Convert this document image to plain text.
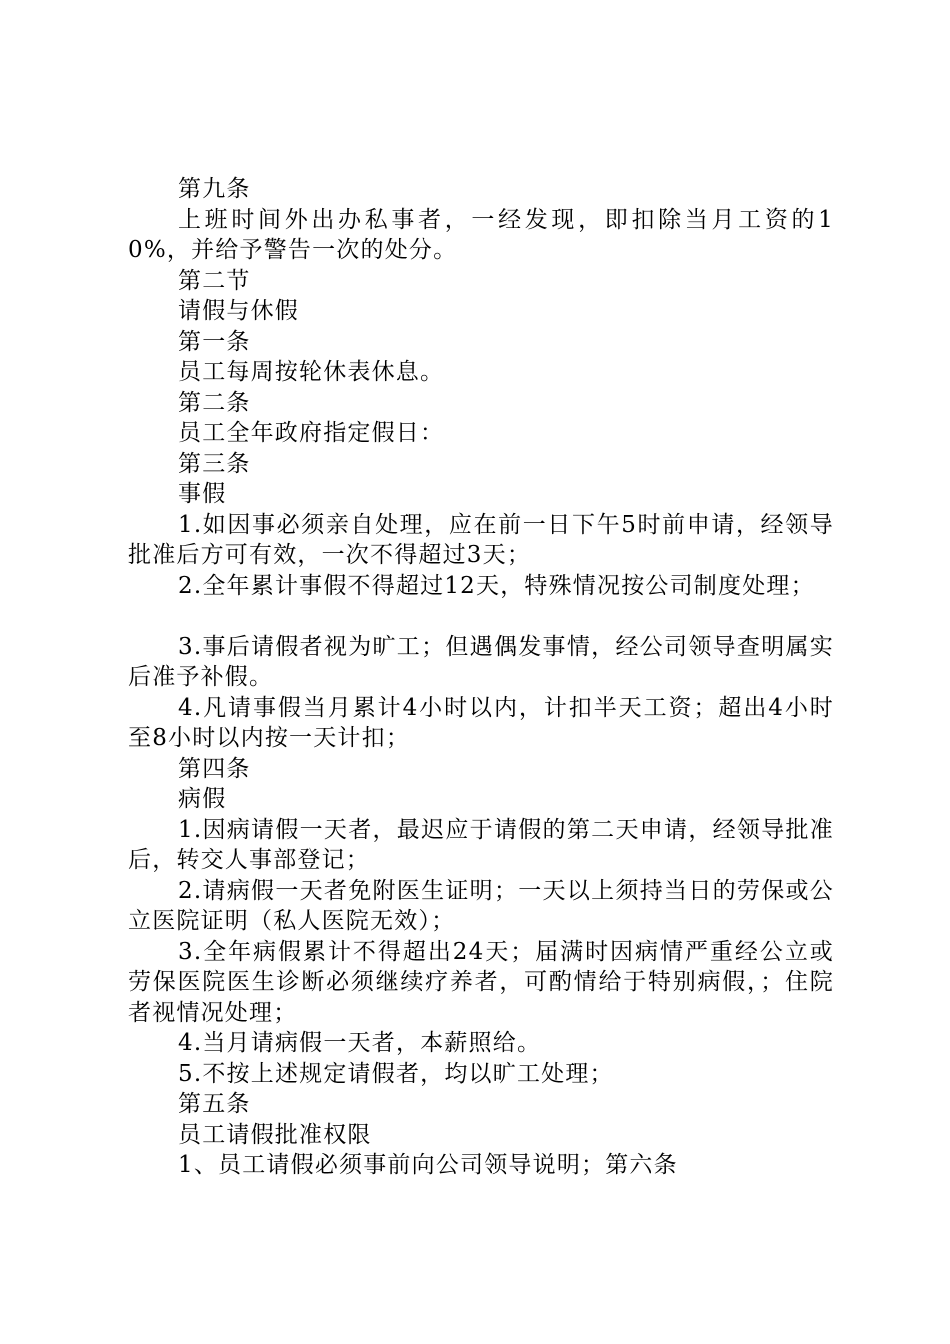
第九条

上班时间外出办私事者，一经发现，即扣除当月工资的10%，并给予警告一次的处分。

第二节

请假与休假

第一条

员工每周按轮休表休息。

第二条

员工全年政府指定假日：

第三条

事假

1.如因事必须亲自处理，应在前一日下午5时前申请，经领导批准后方可有效，一次不得超过3天；

2.全年累计事假不得超过12天，特殊情况按公司制度处理；

3.事后请假者视为旷工；但遇偶发事情，经公司领导查明属实后准予补假。

4.凡请事假当月累计4小时以内，计扣半天工资；超出4小时至8小时以内按一天计扣；

第四条

病假

1.因病请假一天者，最迟应于请假的第二天申请，经领导批准后，转交人事部登记；

2.请病假一天者免附医生证明；一天以上须持当日的劳保或公立医院证明（私人医院无效）；

3.全年病假累计不得超出24天；届满时因病情严重经公立或劳保医院医生诊断必须继续疗养者，可酌情给于特别病假，；住院者视情况处理；

4.当月请病假一天者，本薪照给。

5.不按上述规定请假者，均以旷工处理；

第五条

员工请假批准权限

1、员工请假必须事前向公司领导说明；第六条
